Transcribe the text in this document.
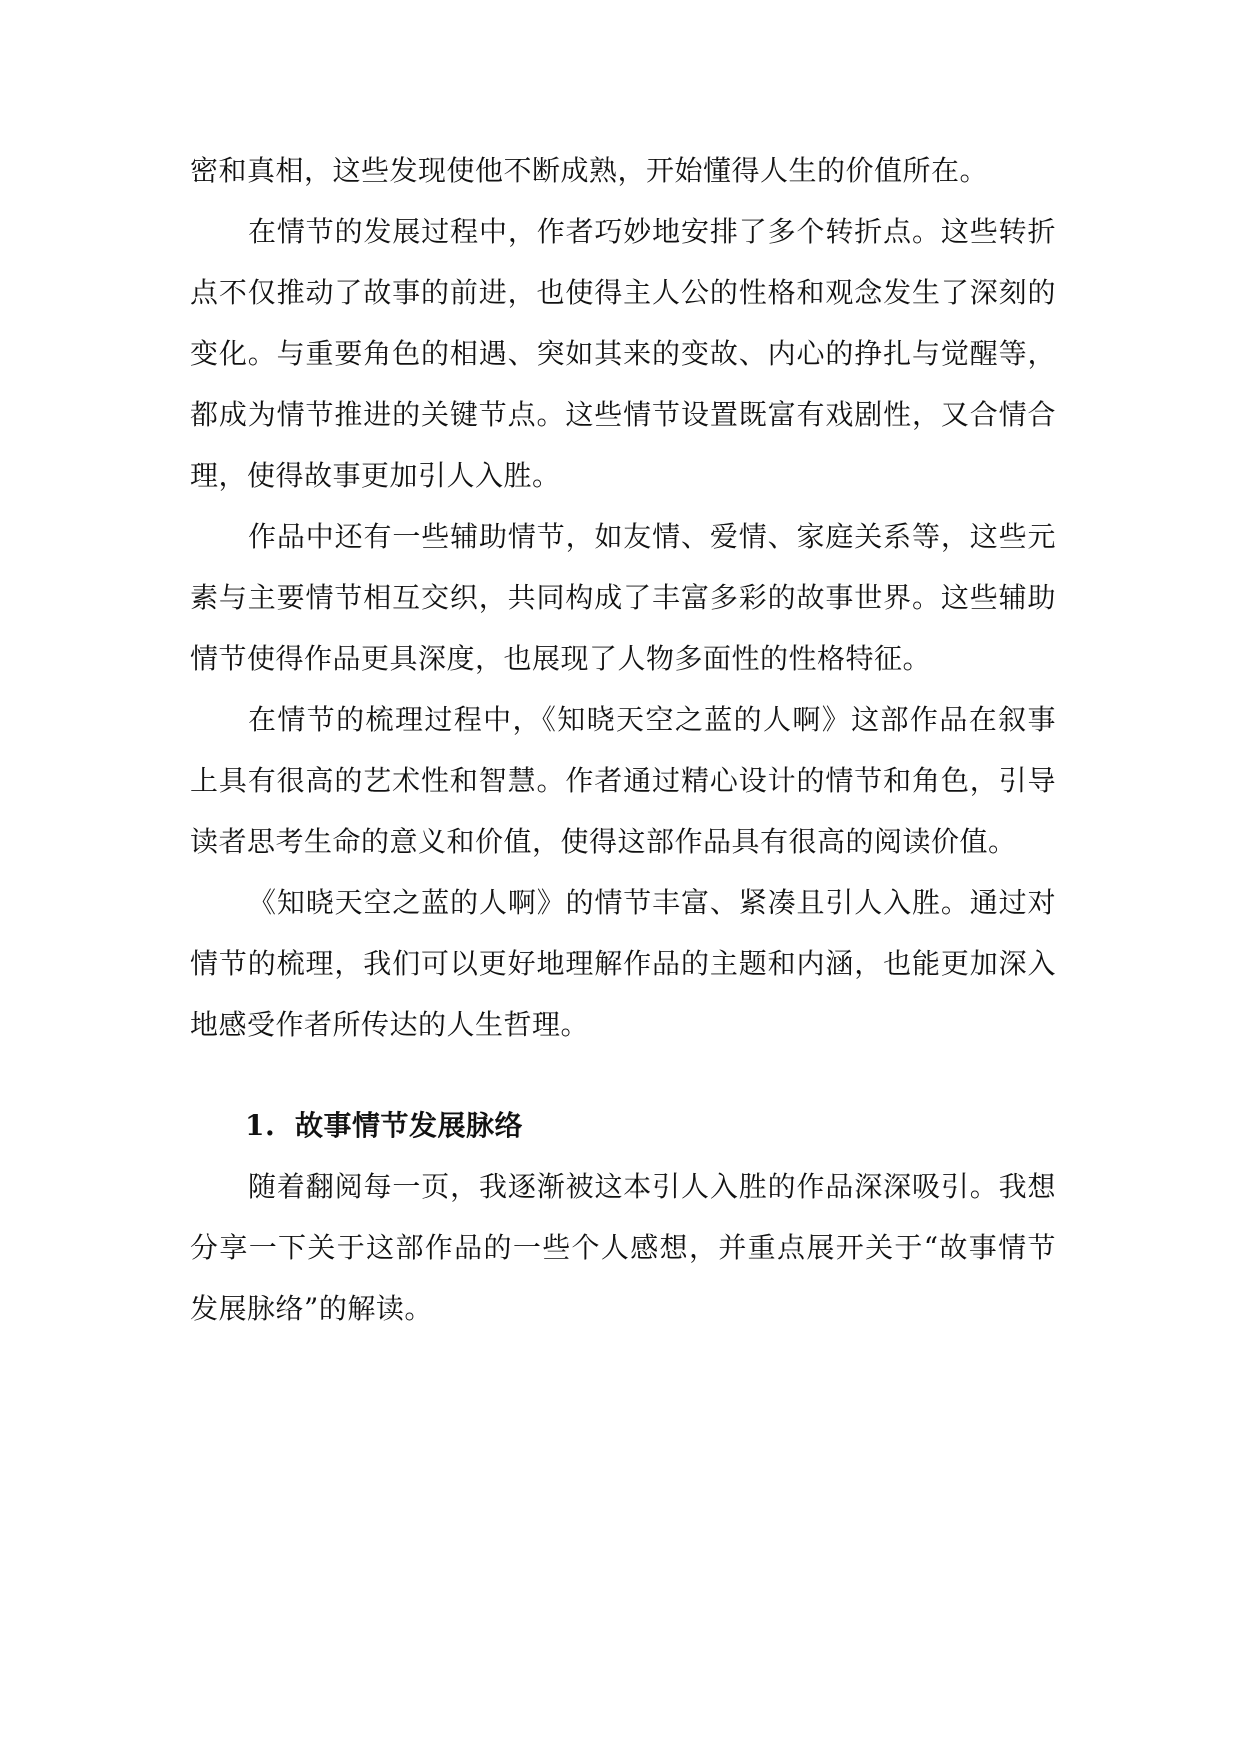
密和真相，这些发现使他不断成熟，开始懂得人生的价值所在。

在情节的发展过程中，作者巧妙地安排了多个转折点。这些转折点不仅推动了故事的前进，也使得主人公的性格和观念发生了深刻的变化。与重要角色的相遇、突如其来的变故、内心的挣扎与觉醒等，都成为情节推进的关键节点。这些情节设置既富有戏剧性，又合情合理，使得故事更加引人入胜。

作品中还有一些辅助情节，如友情、爱情、家庭关系等，这些元素与主要情节相互交织，共同构成了丰富多彩的故事世界。这些辅助情节使得作品更具深度，也展现了人物多面性的性格特征。

在情节的梳理过程中，《知晓天空之蓝的人啊》这部作品在叙事上具有很高的艺术性和智慧。作者通过精心设计的情节和角色，引导读者思考生命的意义和价值，使得这部作品具有很高的阅读价值。

《知晓天空之蓝的人啊》的情节丰富、紧凑且引人入胜。通过对情节的梳理，我们可以更好地理解作品的主题和内涵，也能更加深入地感受作者所传达的人生哲理。

1. 故事情节发展脉络

随着翻阅每一页，我逐渐被这本引人入胜的作品深深吸引。我想分享一下关于这部作品的一些个人感想，并重点展开关于“故事情节发展脉络”的解读。
